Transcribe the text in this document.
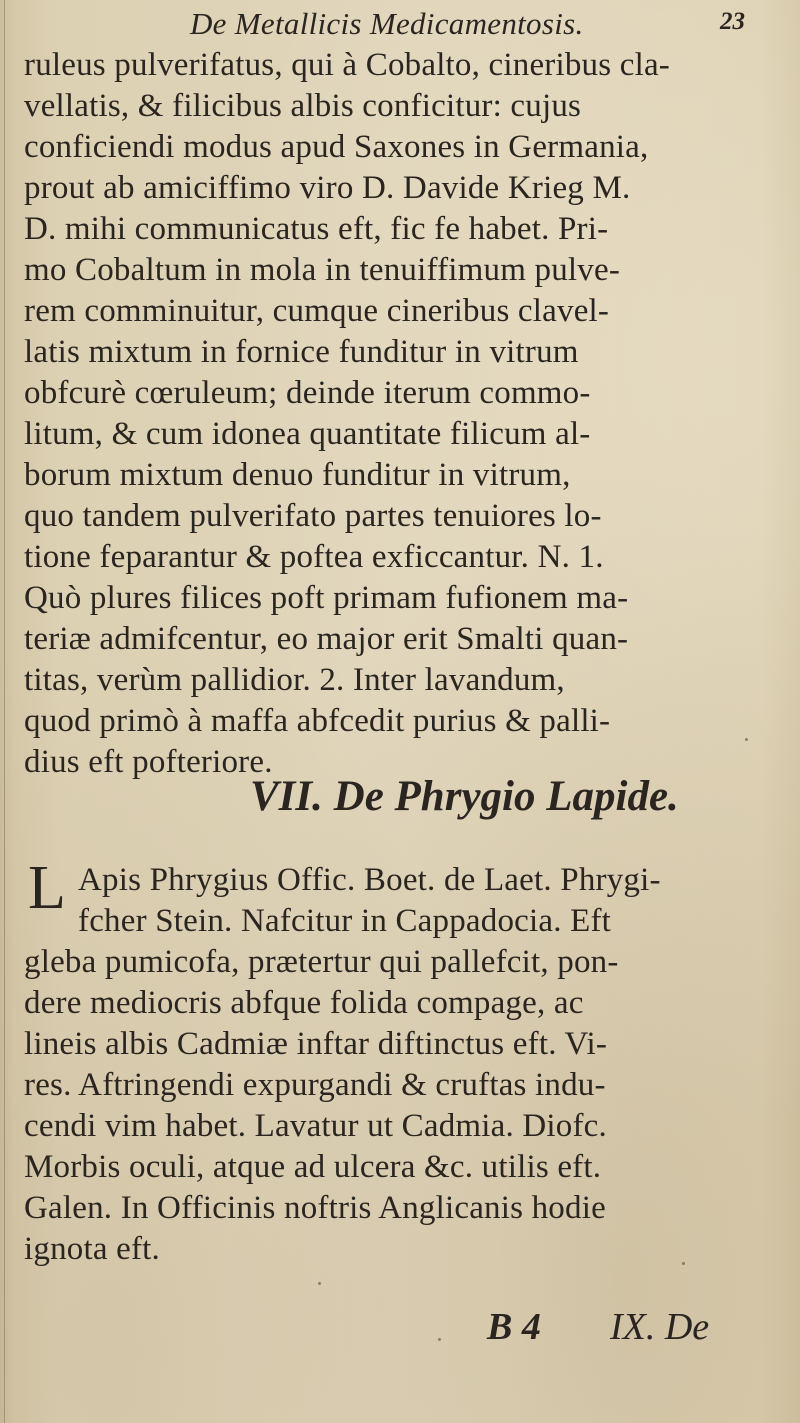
De Metallicis Medicamentosis.	23
ruleus pulverifatus, qui à Cobalto, cineribus cla-
vellatis, & filicibus albis conficitur: cujus
conficiendi modus apud Saxones in Germania,
prout ab amiciffimo viro D. Davide Krieg M.
D. mihi communicatus eft, fic fe habet. Pri-
mo Cobaltum in mola in tenuiffimum pulve-
rem comminuitur, cumque cineribus clavel-
latis mixtum in fornice funditur in vitrum
obfcurè cœruleum; deinde iterum commo-
litum, & cum idonea quantitate filicum al-
borum mixtum denuo funditur in vitrum,
quo tandem pulverifato partes tenuiores lo-
tione feparantur & poftea exficcantur. N. 1.
Quò plures filices poft primam fufionem ma-
teriæ admifcentur, eo major erit Smalti quan-
titas, verùm pallidior. 2. Inter lavandum,
quod primò à maffa abfcedit purius & palli-
dius eft pofteriore.
VII. De Phrygio Lapide.
L Apis Phrygius Offic. Boet. de Laet. Phrygi-
fcher Stein. Nafcitur in Cappadocia. Eft
gleba pumicofa, prætertur qui pallefcit, pon-
dere mediocris abfque folida compage, ac
lineis albis Cadmiæ inftar diftinctus eft. Vi-
res. Aftringendi expurgandi & cruftas indu-
cendi vim habet. Lavatur ut Cadmia. Diofc.
Morbis oculi, atque ad ulcera &c. utilis eft.
Galen. In Officinis noftris Anglicanis hodie
ignota eft.
B 4 IX. De
